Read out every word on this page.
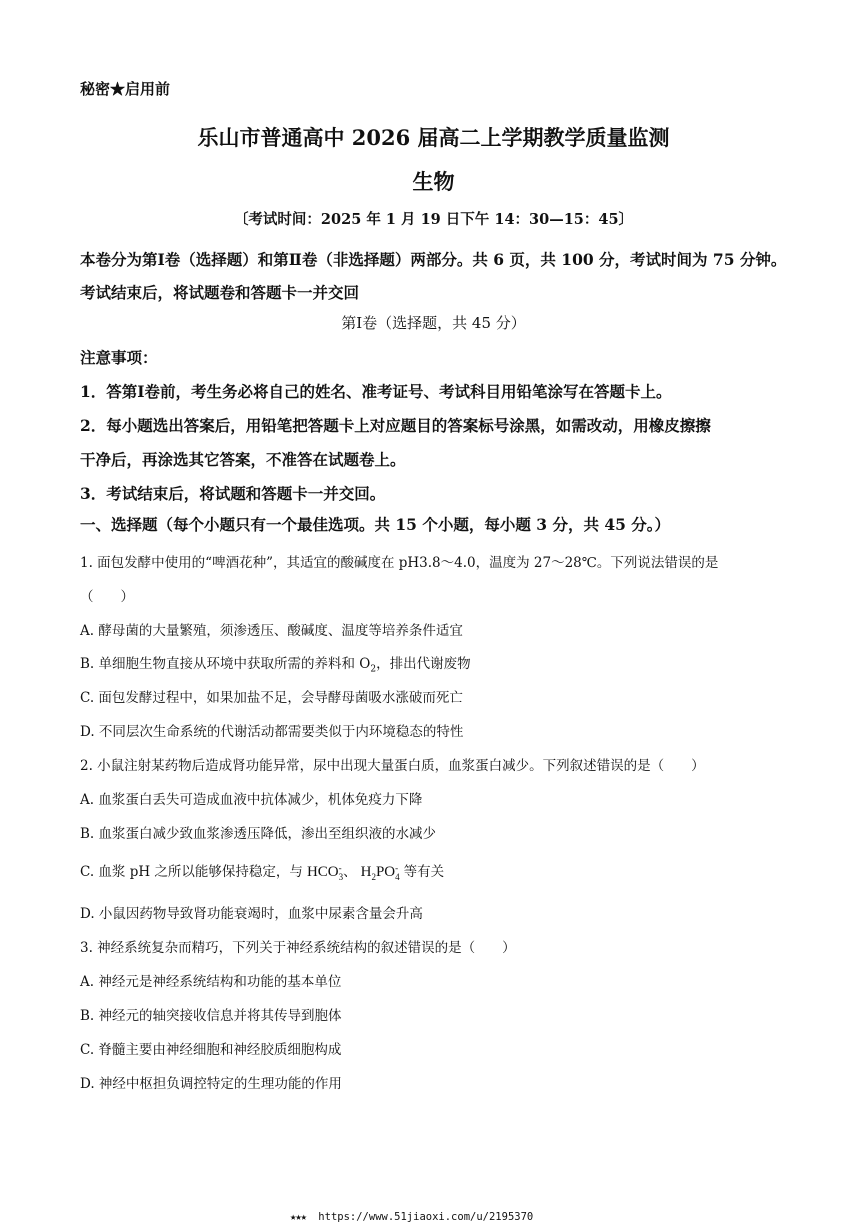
秘密★启用前
乐山市普通高中 2026 届高二上学期教学质量监测
生物
〔考试时间：2025 年 1 月 19 日下午 14：30—15：45〕
本卷分为第Ⅰ卷（选择题）和第Ⅱ卷（非选择题）两部分。共 6 页，共 100 分，考试时间为 75 分钟。考试结束后，将试题卷和答题卡一并交回
第Ⅰ卷（选择题，共 45 分）
注意事项：
1．答第Ⅰ卷前，考生务必将自己的姓名、准考证号、考试科目用铅笔涂写在答题卡上。
2．每小题选出答案后，用铅笔把答题卡上对应题目的答案标号涂黑，如需改动，用橡皮擦擦
干净后，再涂选其它答案，不准答在试题卷上。
3．考试结束后，将试题和答题卡一并交回。
一、选择题（每个小题只有一个最佳选项。共 15 个小题，每小题 3 分，共 45 分。）
1. 面包发酵中使用的“啤酒花种”，其适宜的酸碱度在 pH3.8～4.0，温度为 27～28℃。下列说法错误的是
（　　）
A. 酵母菌的大量繁殖，须渗透压、酸碱度、温度等培养条件适宜
B. 单细胞生物直接从环境中获取所需的养料和 $O_2$，排出代谢废物
C. 面包发酵过程中，如果加盐不足，会导酵母菌吸水涨破而死亡
D. 不同层次生命系统的代谢活动都需要类似于内环境稳态的特性
2. 小鼠注射某药物后造成肾功能异常，尿中出现大量蛋白质，血浆蛋白减少。下列叙述错误的是（　　）
A. 血浆蛋白丢失可造成血液中抗体减少，机体免疫力下降
B. 血浆蛋白减少致血浆渗透压降低，渗出至组织液的水减少
C. 血浆 pH 之所以能够保持稳定，与 HCO -
3 、 $H_2PO$ -
4 等有关
D. 小鼠因药物导致肾功能衰竭时，血浆中尿素含量会升高
3. 神经系统复杂而精巧，下列关于神经系统结构的叙述错误的是（　　）
A. 神经元是神经系统结构和功能的基本单位
B. 神经元的轴突接收信息并将其传导到胞体
C. 脊髓主要由神经细胞和神经胶质细胞构成
D. 神经中枢担负调控特定的生理功能的作用
★★★ https://www.51jiaoxi.com/u/2195370
